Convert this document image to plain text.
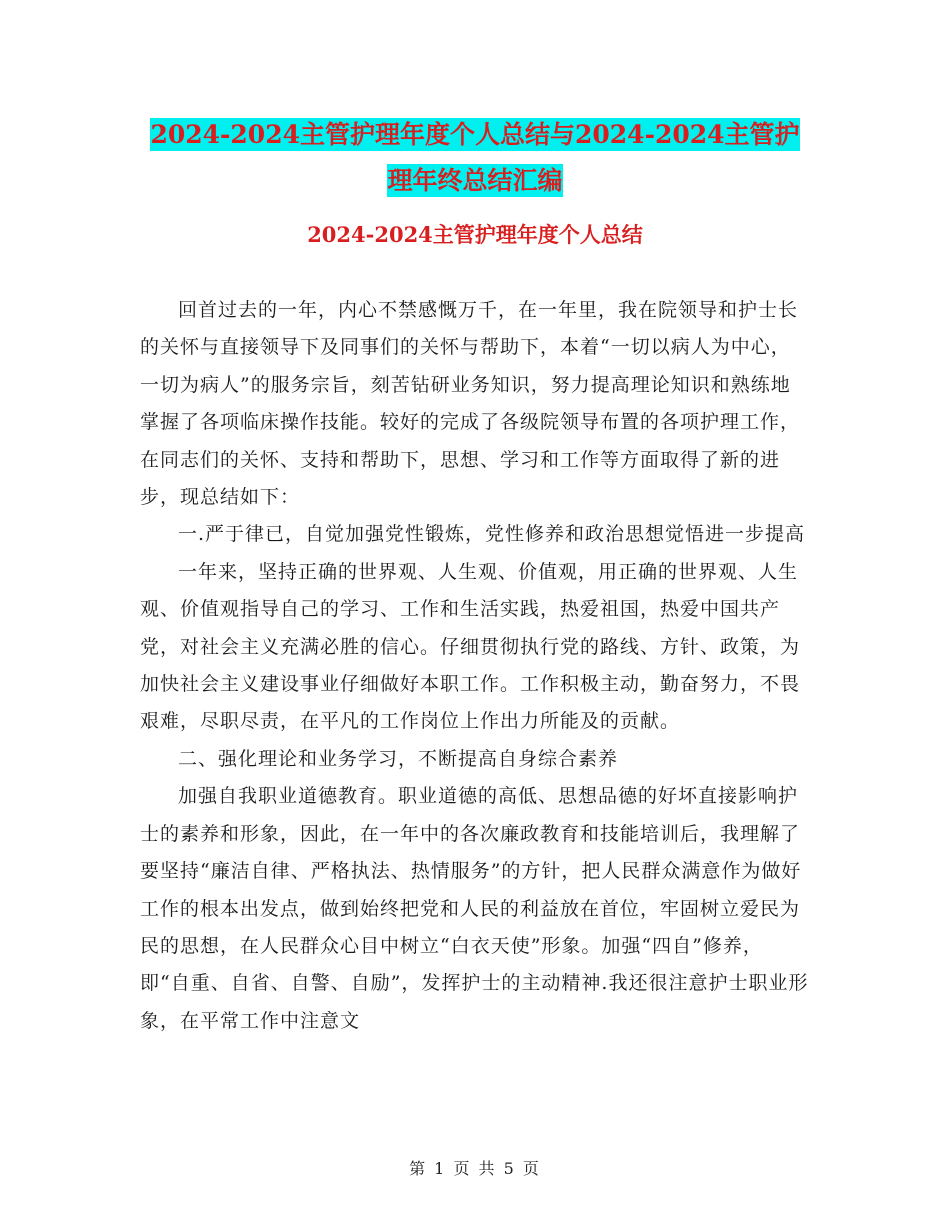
2024-2024主管护理年度个人总结与2024-2024主管护
理年终总结汇编
2024-2024主管护理年度个人总结

回首过去的一年，内心不禁感慨万千，在一年里，我在院领导和护士长的关怀与直接领导下及同事们的关怀与帮助下，本着“一切以病人为中心，一切为病人”的服务宗旨，刻苦钻研业务知识，努力提高理论知识和熟练地掌握了各项临床操作技能。较好的完成了各级院领导布置的各项护理工作，在同志们的关怀、支持和帮助下，思想、学习和工作等方面取得了新的进步，现总结如下：

一.严于律已，自觉加强党性锻炼，党性修养和政治思想觉悟进一步提高

一年来，坚持正确的世界观、人生观、价值观，用正确的世界观、人生观、价值观指导自己的学习、工作和生活实践，热爱祖国，热爱中国共产党，对社会主义充满必胜的信心。仔细贯彻执行党的路线、方针、政策，为加快社会主义建设事业仔细做好本职工作。工作积极主动，勤奋努力，不畏艰难，尽职尽责，在平凡的工作岗位上作出力所能及的贡献。

二、强化理论和业务学习，不断提高自身综合素养

加强自我职业道德教育。职业道德的高低、思想品德的好坏直接影响护士的素养和形象，因此，在一年中的各次廉政教育和技能培训后，我理解了要坚持“廉洁自律、严格执法、热情服务”的方针，把人民群众满意作为做好工作的根本出发点，做到始终把党和人民的利益放在首位，牢固树立爱民为民的思想，在人民群众心目中树立“白衣天使”形象。加强“四自”修养，即“自重、自省、自警、自励”，发挥护士的主动精神.我还很注意护士职业形象，在平常工作中注意文

第 1 页 共 5 页
